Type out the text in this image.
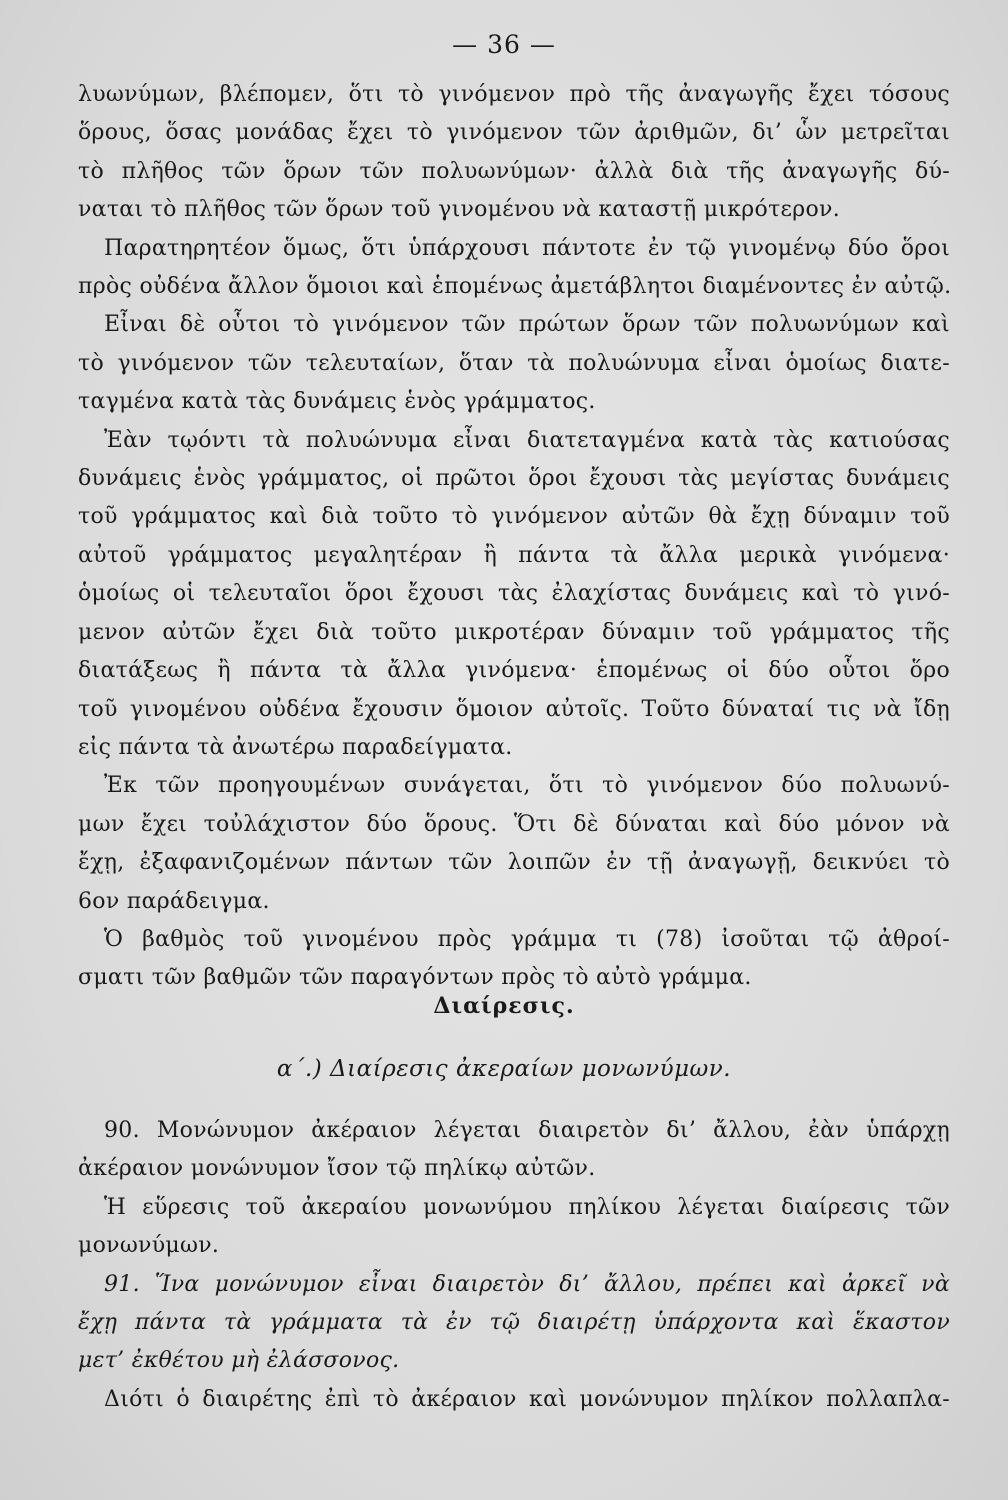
— 36 —
λυωνύμων, βλέπομεν, ὅτι τὸ γινόμενον πρὸ τῆς ἀναγωγῆς ἔχει τόσους
ὅρους, ὅσας μονάδας ἔχει τὸ γινόμενον τῶν ἀριθμῶν, δι’ ὧν μετρεῖται
τὸ πλῆθος τῶν ὅρων τῶν πολυωνύμων· ἀλλὰ διὰ τῆς ἀναγωγῆς δύ-
ναται τὸ πλῆθος τῶν ὅρων τοῦ γινομένου νὰ καταστῇ μικρότερον.
Παρατηρητέον ὅμως, ὅτι ὑπάρχουσι πάντοτε ἐν τῷ γινομένῳ δύο ὅροι
πρὸς οὐδένα ἄλλον ὅμοιοι καὶ ἑπομένως ἀμετάβλητοι διαμένοντες ἐν αὐτῷ.
Εἶναι δὲ οὗτοι τὸ γινόμενον τῶν πρώτων ὅρων τῶν πολυωνύμων καὶ
τὸ γινόμενον τῶν τελευταίων, ὅταν τὰ πολυώνυμα εἶναι ὁμοίως διατε-
ταγμένα κατὰ τὰς δυνάμεις ἑνὸς γράμματος.
Ἐὰν τῳόντι τὰ πολυώνυμα εἶναι διατεταγμένα κατὰ τὰς κατιούσας
δυνάμεις ἑνὸς γράμματος, οἱ πρῶτοι ὅροι ἔχουσι τὰς μεγίστας δυνάμεις
τοῦ γράμματος καὶ διὰ τοῦτο τὸ γινόμενον αὐτῶν θὰ ἔχῃ δύναμιν τοῦ
αὐτοῦ γράμματος μεγαλητέραν ἢ πάντα τὰ ἄλλα μερικὰ γινόμενα·
ὁμοίως οἱ τελευταῖοι ὅροι ἔχουσι τὰς ἐλαχίστας δυνάμεις καὶ τὸ γινό-
μενον αὐτῶν ἔχει διὰ τοῦτο μικροτέραν δύναμιν τοῦ γράμματος τῆς
διατάξεως ἢ πάντα τὰ ἄλλα γινόμενα· ἑπομένως οἱ δύο οὗτοι ὅρο
τοῦ γινομένου οὐδένα ἔχουσιν ὅμοιον αὐτοῖς. Τοῦτο δύναταί τις νὰ ἴδῃ
εἰς πάντα τὰ ἀνωτέρω παραδείγματα.
Ἐκ τῶν προηγουμένων συνάγεται, ὅτι τὸ γινόμενον δύο πολυωνύ-
μων ἔχει τοὐλάχιστον δύο ὅρους. Ὅτι δὲ δύναται καὶ δύο μόνον νὰ
ἔχῃ, ἐξαφανιζομένων πάντων τῶν λοιπῶν ἐν τῇ ἀναγωγῇ, δεικνύει τὸ
6ον παράδειγμα.
Ὁ βαθμὸς τοῦ γινομένου πρὸς γράμμα τι (78) ἰσοῦται τῷ ἀθροί-
σματι τῶν βαθμῶν τῶν παραγόντων πρὸς τὸ αὐτὸ γράμμα.
Διαίρεσις.
α΄.) Διαίρεσις ἀκεραίων μονωνύμων.
90. Μονώνυμον ἀκέραιον λέγεται διαιρετὸν δι’ ἄλλου, ἐὰν ὑπάρχῃ
ἀκέραιον μονώνυμον ἴσον τῷ πηλίκῳ αὐτῶν.
Ἡ εὕρεσις τοῦ ἀκεραίου μονωνύμου πηλίκου λέγεται διαίρεσις τῶν
μονωνύμων.
91. Ἵνα μονώνυμον εἶναι διαιρετὸν δι’ ἄλλου, πρέπει καὶ ἀρκεῖ νὰ
ἔχῃ πάντα τὰ γράμματα τὰ ἐν τῷ διαιρέτῃ ὑπάρχοντα καὶ ἕκαστον
μετ’ ἐκθέτου μὴ ἐλάσσονος.
Διότι ὁ διαιρέτης ἐπὶ τὸ ἀκέραιον καὶ μονώνυμον πηλίκον πολλαπλα-
